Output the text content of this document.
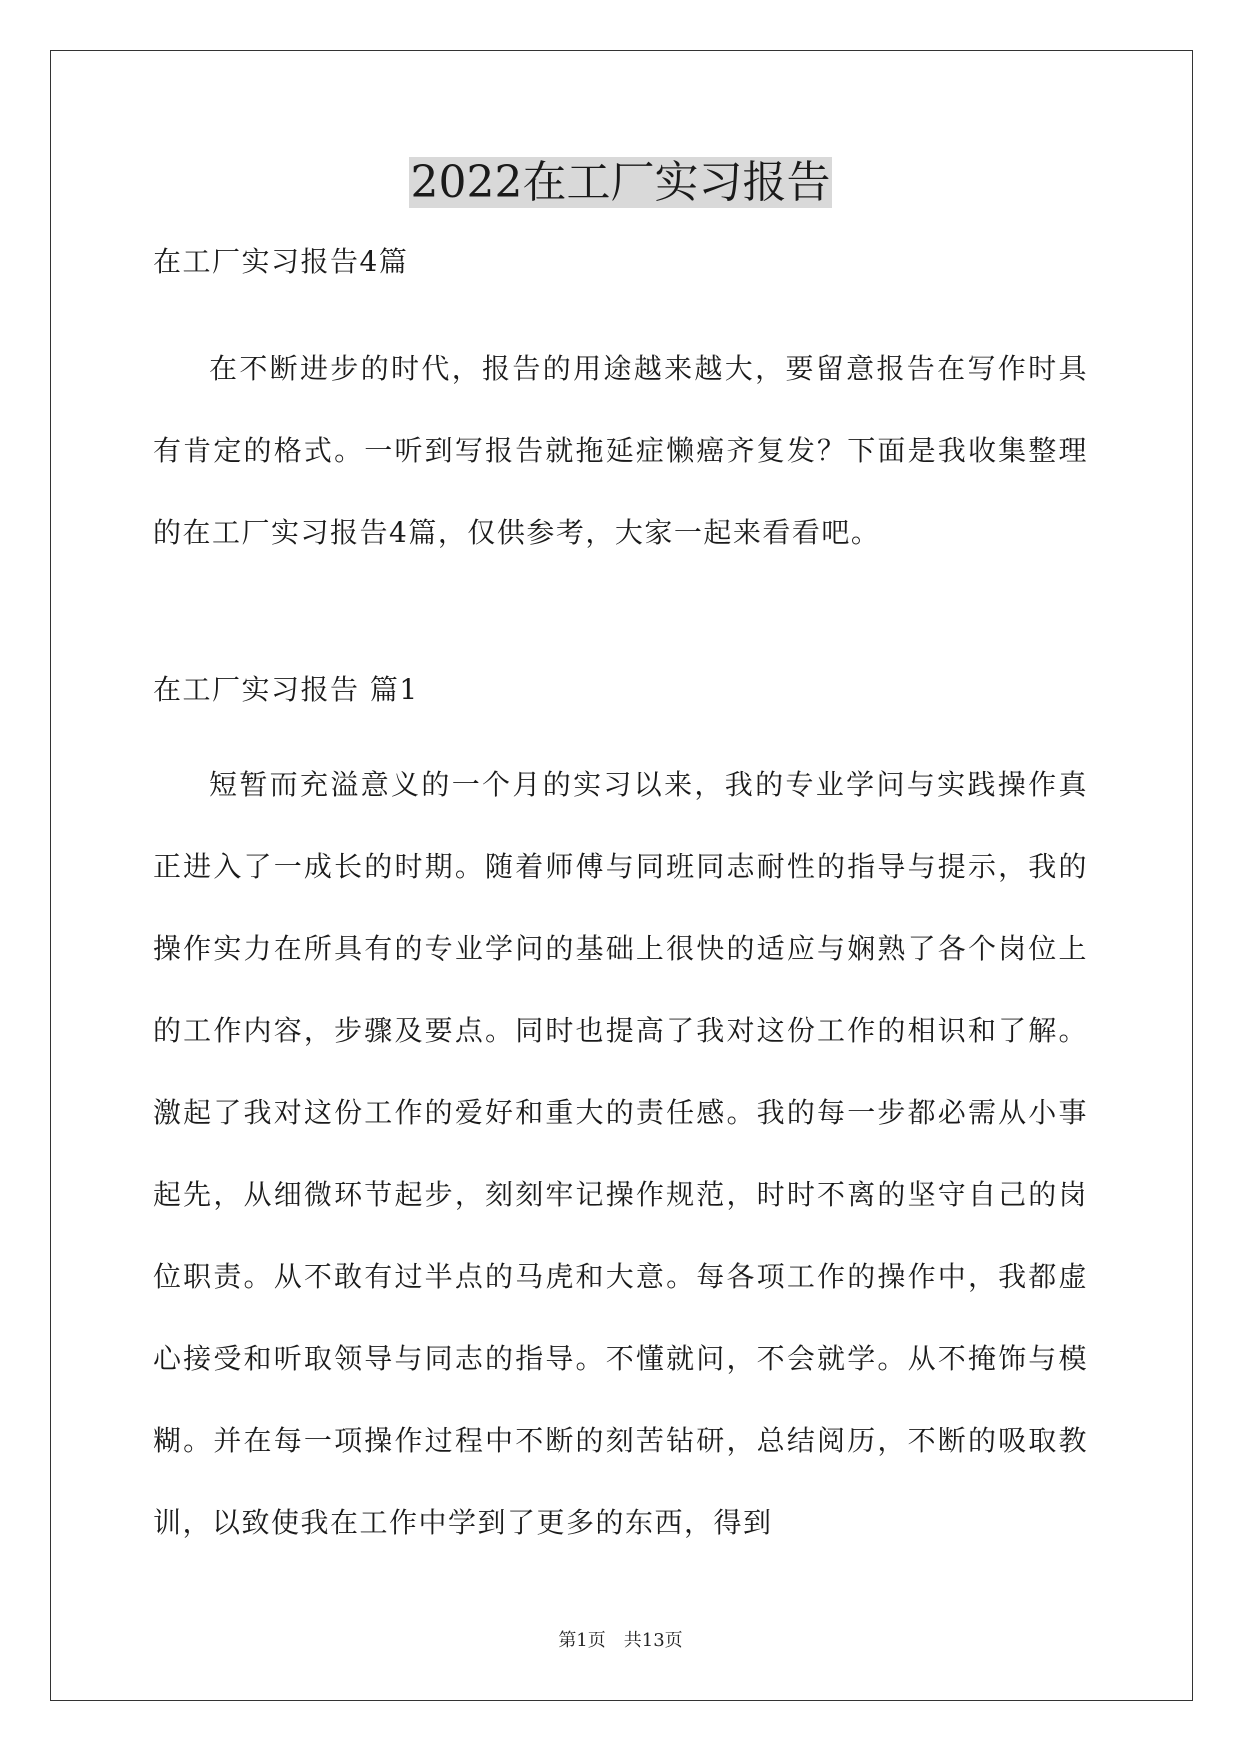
2022在工厂实习报告
在工厂实习报告4篇
在不断进步的时代，报告的用途越来越大，要留意报告在写作时具有肯定的格式。一听到写报告就拖延症懒癌齐复发？下面是我收集整理的在工厂实习报告4篇，仅供参考，大家一起来看看吧。
在工厂实习报告 篇1
短暂而充溢意义的一个月的实习以来，我的专业学问与实践操作真正进入了一成长的时期。随着师傅与同班同志耐性的指导与提示，我的操作实力在所具有的专业学问的基础上很快的适应与娴熟了各个岗位上的工作内容，步骤及要点。同时也提高了我对这份工作的相识和了解。激起了我对这份工作的爱好和重大的责任感。我的每一步都必需从小事起先，从细微环节起步，刻刻牢记操作规范，时时不离的坚守自己的岗位职责。从不敢有过半点的马虎和大意。每各项工作的操作中，我都虚心接受和听取领导与同志的指导。不懂就问，不会就学。从不掩饰与模糊。并在每一项操作过程中不断的刻苦钻研，总结阅历，不断的吸取教训，以致使我在工作中学到了更多的东西，得到
第1页 共13页
